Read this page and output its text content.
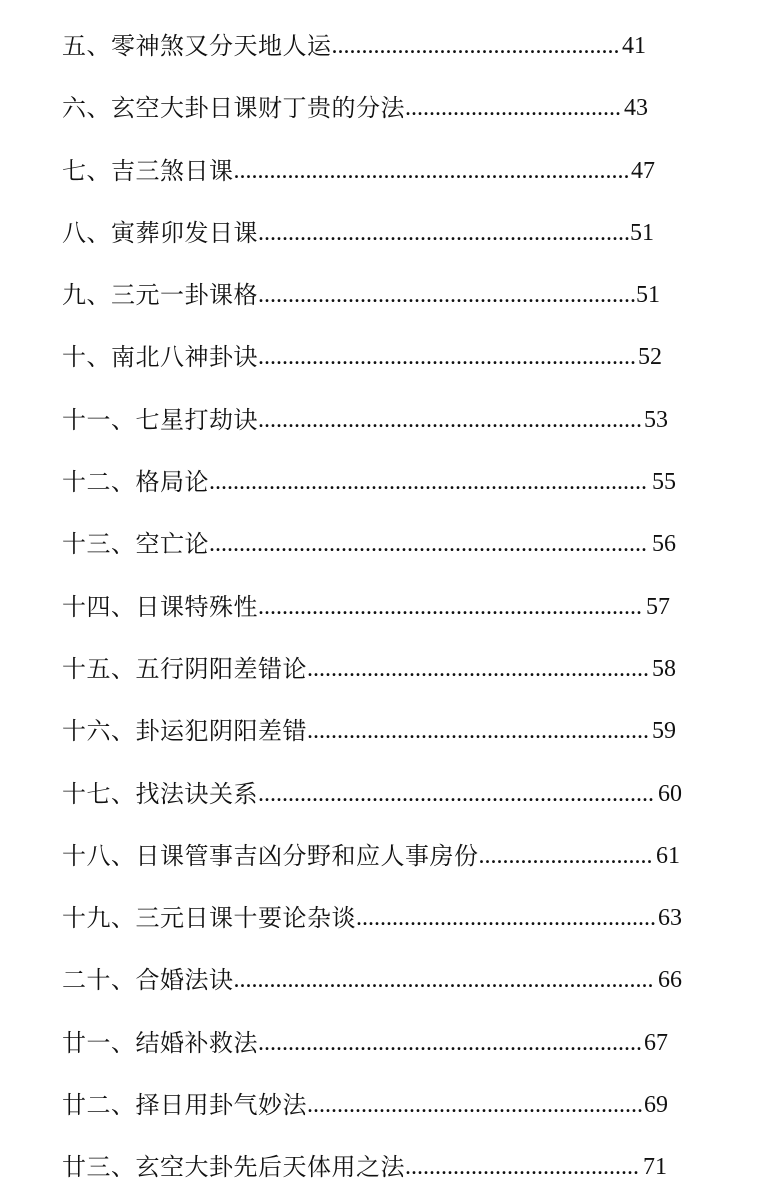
五、零神煞又分天地人运................................................ 41
六、玄空大卦日课财丁贵的分法.................................... 43
七、吉三煞日课..................................................................47
八、寅葬卯发日课..............................................................51
九、三元一卦课格...............................................................51
十、南北八神卦诀...............................................................52
十一、七星打劫诀................................................................53
十二、格局论......................................................................... 55
十三、空亡论......................................................................... 56
十四、日课特殊性................................................................ 57
十五、五行阴阳差错论......................................................... 58
十六、卦运犯阴阳差错......................................................... 59
十七、找法诀关系.................................................................. 60
十八、日课管事吉凶分野和应人事房份............................. 61
十九、三元日课十要论杂谈..................................................63
二十、合婚法诀...................................................................... 66
廿一、结婚补救法................................................................67
廿二、择日用卦气妙法........................................................69
廿三、玄空大卦先后天体用之法....................................... 71
